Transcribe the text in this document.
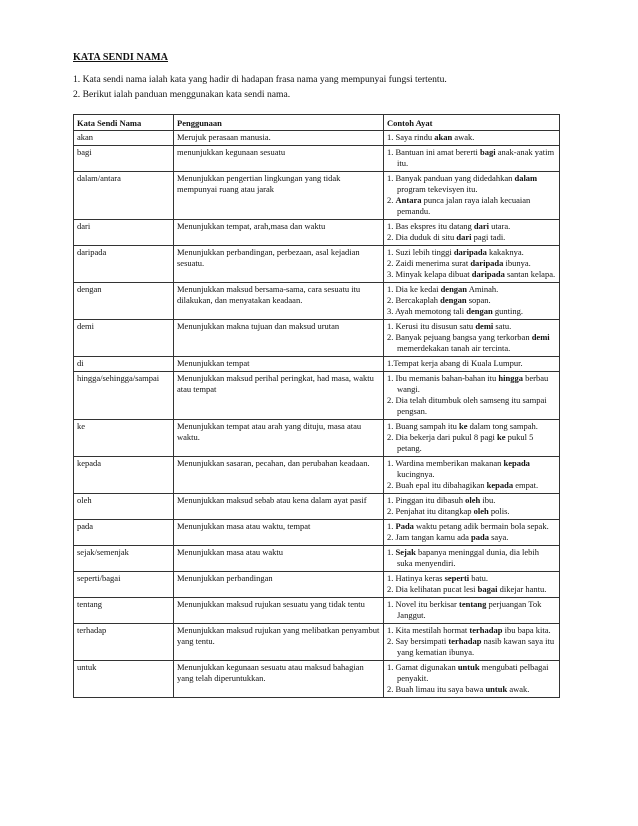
KATA SENDI NAMA
1. Kata sendi nama ialah kata yang hadir di hadapan frasa nama yang mempunyai fungsi tertentu.
2. Berikut ialah panduan menggunakan kata sendi nama.
Kata Sendi Nama	Penggunaan	Contoh Ayat
akan	Merujuk perasaan manusia.	1. Saya rindu akan awak.

bagi	menunjukkan kegunaan sesuatu	1. Bantuan ini amat bererti bagi anak-anak yatim itu.

dalam/antara	Menunjukkan pengertian lingkungan yang tidak mempunyai ruang atau jarak	1. Banyak panduan yang didedahkan dalam program tekevisyen itu.
2. Antara punca jalan raya ialah kecuaian pemandu.

dari	Menunjukkan tempat, arah,masa dan waktu	1. Bas ekspres itu datang dari utara.
2. Dia duduk di situ dari pagi tadi.

daripada	Menunjukkan perbandingan, perbezaan, asal kejadian sesuatu.	1. Suzi lebih tinggi daripada kakaknya.
2. Zaidi menerima surat daripada ibunya.
3. Minyak kelapa dibuat daripada santan kelapa.

dengan	Menunjukkan maksud bersama-sama, cara sesuatu itu dilakukan, dan menyatakan keadaan.	1. Dia ke kedai dengan Aminah.
2. Bercakaplah dengan sopan.
3. Ayah memotong tali dengan gunting.

demi	Menunjukkan makna tujuan dan maksud urutan	1. Kerusi itu disusun satu demi satu.
2. Banyak pejuang bangsa yang terkorban demi memerdekakan tanah air tercinta.

di	Menunjukkan tempat	1.Tempat kerja abang di Kuala Lumpur.

hingga/sehingga/sampai	Menunjukkan maksud perihal peringkat, had masa, waktu atau tempat	1. Ibu memanis bahan-bahan itu hingga berbau wangi.
2. Dia telah ditumbuk oleh samseng itu sampai pengsan.

ke	Menunjukkan tempat atau arah yang dituju, masa atau waktu.	1. Buang sampah itu ke dalam tong sampah.
2. Dia bekerja dari pukul 8 pagi ke pukul 5 petang.

kepada	Menunjukkan sasaran, pecahan, dan perubahan keadaan.	1. Wardina memberikan makanan kepada kucingnya.
2. Buah epal itu dibahagikan kepada empat.

oleh	Menunjukkan maksud sebab atau kena dalam ayat pasif	1. Pinggan itu dibasuh oleh ibu.
2. Penjahat itu ditangkap oleh polis.

pada	Menunjukkan masa atau waktu, tempat	1. Pada waktu petang adik bermain bola sepak.
2. Jam tangan kamu ada pada saya.

sejak/semenjak	Menunjukkan masa atau waktu	1. Sejak bapanya meninggal dunia, dia lebih suka menyendiri.

seperti/bagai	Menunjukkan perbandingan	1. Hatinya keras seperti batu.
2. Dia kelihatan pucat lesi bagai dikejar hantu.

tentang	Menunjukkan maksud rujukan sesuatu yang tidak tentu	1. Novel itu berkisar tentang perjuangan Tok Janggut.

terhadap	Menunjukkan maksud rujukan yang melibatkan penyambut yang tentu.	1. Kita mestilah hormat terhadap ibu bapa kita.
2. Say bersimpati terhadap nasib kawan saya itu yang kematian ibunya.

untuk	Menunjukkan kegunaan sesuatu atau maksud bahagian yang telah diperuntukkan.	1. Gamat digunakan untuk mengubati pelbagai penyakit.
2. Buah limau itu saya bawa untuk awak.
